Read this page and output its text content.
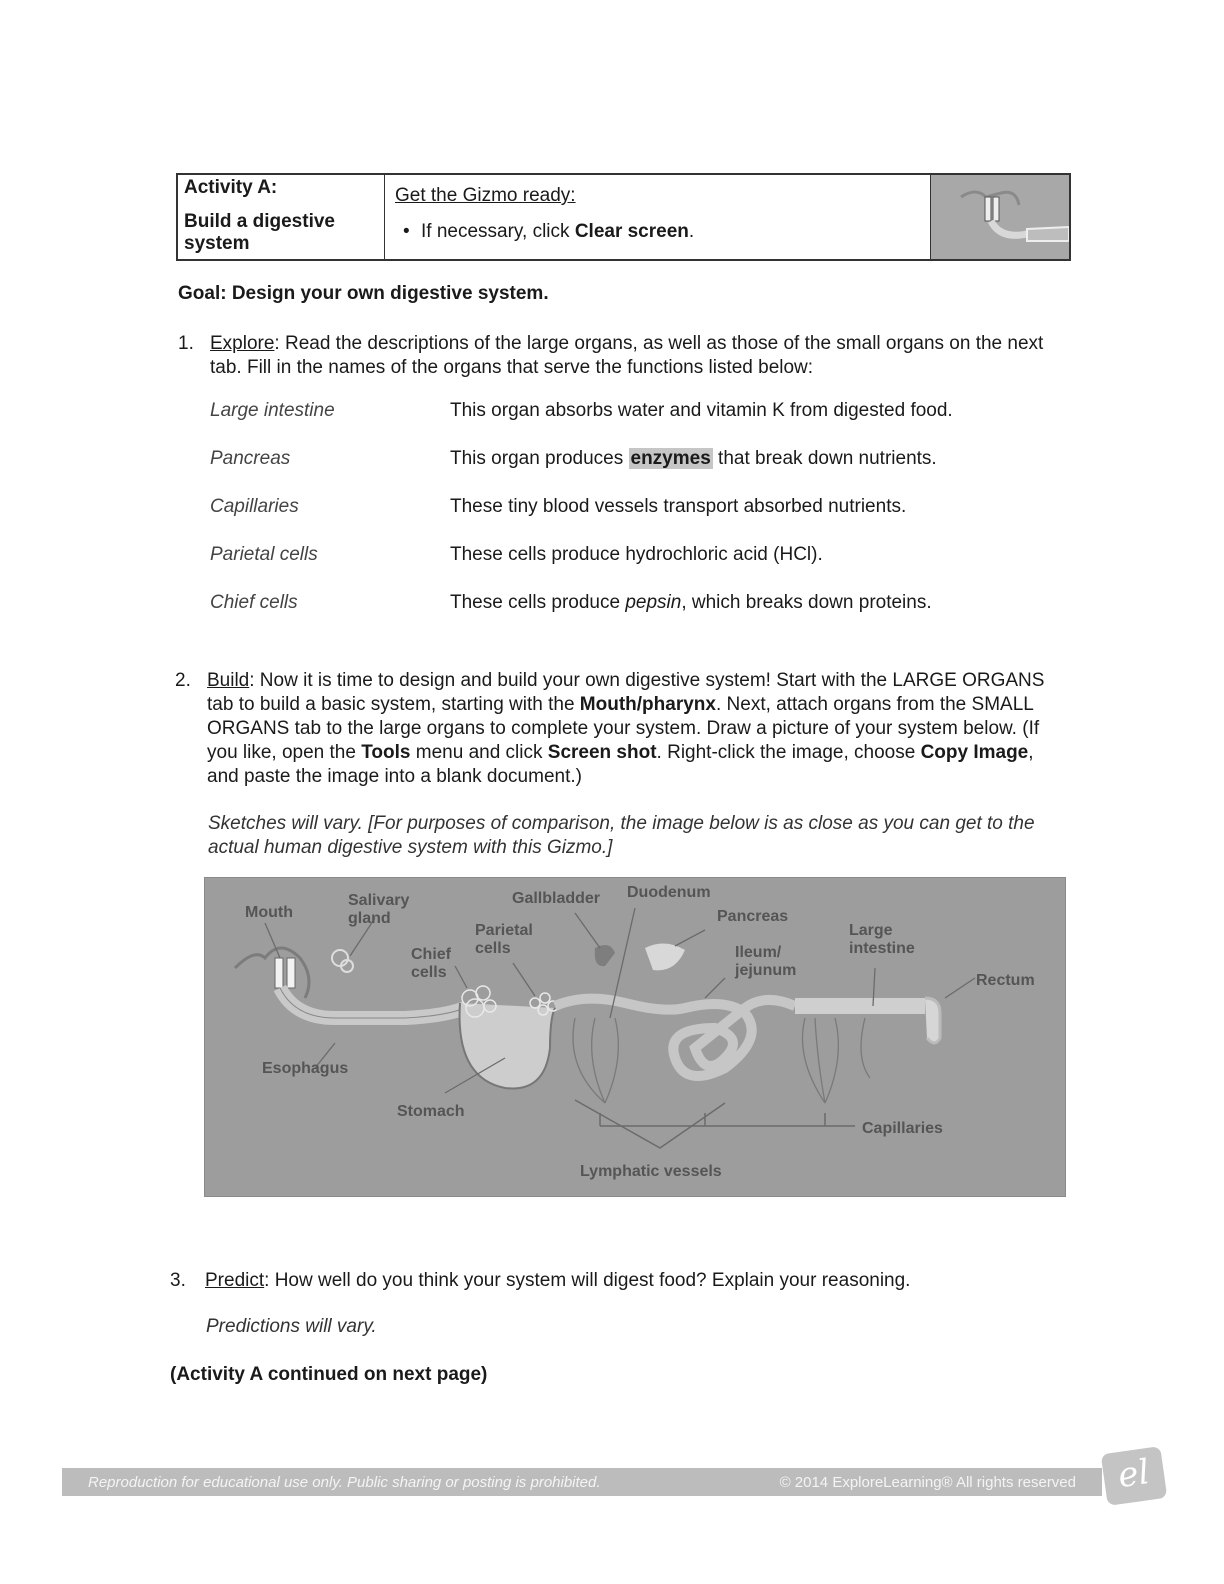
Activity A:
Build a digestive system
Get the Gizmo ready:
• If necessary, click Clear screen.
Goal: Design your own digestive system.
1. Explore: Read the descriptions of the large organs, as well as those of the small organs on the next tab. Fill in the names of the organs that serve the functions listed below:
Large intestine	This organ absorbs water and vitamin K from digested food.
Pancreas	This organ produces enzymes that break down nutrients.
Capillaries	These tiny blood vessels transport absorbed nutrients.
Parietal cells	These cells produce hydrochloric acid (HCl).
Chief cells	These cells produce pepsin, which breaks down proteins.
2. Build: Now it is time to design and build your own digestive system! Start with the LARGE ORGANS tab to build a basic system, starting with the Mouth/pharynx. Next, attach organs from the SMALL ORGANS tab to the large organs to complete your system. Draw a picture of your system below. (If you like, open the Tools menu and click Screen shot. Right-click the image, choose Copy Image, and paste the image into a blank document.)
Sketches will vary. [For purposes of comparison, the image below is as close as you can get to the actual human digestive system with this Gizmo.]
Mouth
Salivary gland
Gallbladder Duodenum
Pancreas
Parietal cells
Chief cells
Ileum/ jejunum
Large intestine
Rectum
Esophagus
Stomach
Capillaries
Lymphatic vessels
3.	Predict: How well do you think your system will digest food? Explain your reasoning.
Predictions will vary.
(Activity A continued on next page)
Reproduction for educational use only. Public sharing or posting is prohibited.	© 2014 ExploreLearning® All rights reserved	el
